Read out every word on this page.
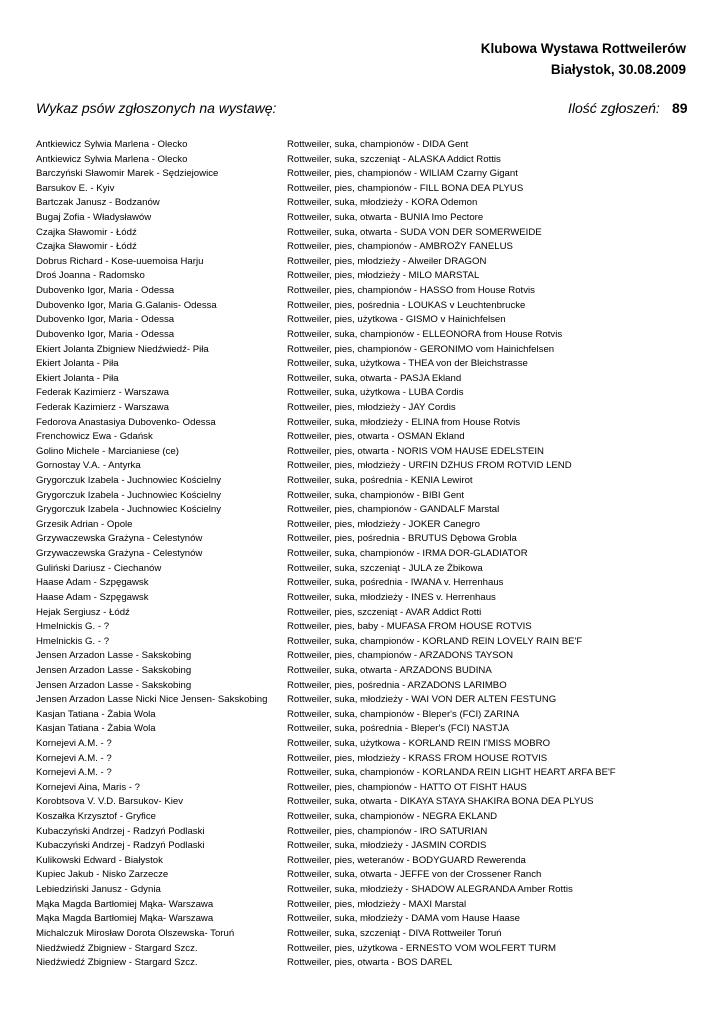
Klubowa Wystawa Rottweilerów
Białystok, 30.08.2009
Wykaz psów zgłoszonych na wystawę:	Ilość zgłoszeń: 89
Antkiewicz Sylwia Marlena - Olecko	Rottweiler, suka, championów - DIDA Gent
Antkiewicz Sylwia Marlena - Olecko	Rottweiler, suka, szczeniąt - ALASKA Addict Rottis
Barczyński Sławomir Marek - Sędziejowice	Rottweiler, pies, championów - WILIAM Czarny Gigant
Barsukov E. - Kyiv	Rottweiler, pies, championów - FILL BONA DEA PLYUS
Bartczak Janusz - Bodzanów	Rottweiler, suka, młodzieży - KORA Odemon
Bugaj Zofia - Władysławów	Rottweiler, suka, otwarta - BUNIA Imo Pectore
Czajka Sławomir - Łódź	Rottweiler, suka, otwarta - SUDA VON DER SOMERWEIDE
Czajka Sławomir - Łódź	Rottweiler, pies, championów - AMBROŻY FANELUS
Dobrus Richard - Kose-uuemoisa Harju	Rottweiler, pies, młodzieży - Alweiler DRAGON
Droś Joanna - Radomsko	Rottweiler, pies, młodzieży - MILO MARSTAL
Dubovenko Igor, Maria - Odessa	Rottweiler, pies, championów - HASSO from House Rotvis
Dubovenko Igor, Maria G.Galanis- Odessa	Rottweiler, pies, pośrednia - LOUKAS v Leuchtenbrucke
Dubovenko Igor, Maria - Odessa	Rottweiler, pies, użytkowa - GISMO v Hainichfelsen
Dubovenko Igor, Maria - Odessa	Rottweiler, suka, championów - ELLEONORA from House Rotvis
Ekiert Jolanta Zbigniew Niedźwiedź- Piła	Rottweiler, pies, championów - GERONIMO vom Hainichfelsen
Ekiert Jolanta - Piła	Rottweiler, suka, użytkowa - THEA von der Bleichstrasse
Ekiert Jolanta - Piła	Rottweiler, suka, otwarta - PASJA Ekland
Federak Kazimierz - Warszawa	Rottweiler, suka, użytkowa - LUBA Cordis
Federak Kazimierz - Warszawa	Rottweiler, pies, młodzieży - JAY Cordis
Fedorova Anastasiya Dubovenko- Odessa	Rottweiler, suka, młodzieży - ELINA from House Rotvis
Frenchowicz Ewa - Gdańsk	Rottweiler, pies, otwarta - OSMAN Ekland
Golino Michele - Marcianiese (ce)	Rottweiler, pies, otwarta - NORIS VOM HAUSE EDELSTEIN
Gornostay V.A. - Antyrka	Rottweiler, pies, młodzieży - URFIN DZHUS FROM ROTVID LEND
Grygorczuk Izabela - Juchnowiec Kościelny	Rottweiler, suka, pośrednia - KENIA Lewirot
Grygorczuk Izabela - Juchnowiec Kościelny	Rottweiler, suka, championów - BIBI Gent
Grygorczuk Izabela - Juchnowiec Kościelny	Rottweiler, pies, championów - GANDALF Marstal
Grzesik Adrian - Opole	Rottweiler, pies, młodzieży - JOKER Canegro
Grzywaczewska Grażyna - Celestynów	Rottweiler, pies, pośrednia - BRUTUS Dębowa Grobla
Grzywaczewska Grażyna - Celestynów	Rottweiler, suka, championów - IRMA DOR-GLADIATOR
Guliński Dariusz - Ciechanów	Rottweiler, suka, szczeniąt - JULA ze Żbikowa
Haase Adam - Szpęgawsk	Rottweiler, suka, pośrednia - IWANA v. Herrenhaus
Haase Adam - Szpęgawsk	Rottweiler, suka, młodzieży - INES v. Herrenhaus
Hejak Sergiusz - Łódź	Rottweiler, pies, szczeniąt - AVAR Addict Rotti
Hmelnickis G. - ?	Rottweiler, pies, baby - MUFASA FROM HOUSE ROTVIS
Hmelnickis G. - ?	Rottweiler, suka, championów - KORLAND REIN LOVELY RAIN BE'F
Jensen Arzadon Lasse - Sakskobing	Rottweiler, pies, championów - ARZADONS TAYSON
Jensen Arzadon Lasse - Sakskobing	Rottweiler, suka, otwarta - ARZADONS BUDINA
Jensen Arzadon Lasse - Sakskobing	Rottweiler, pies, pośrednia - ARZADONS LARIMBO
Jensen Arzadon Lasse Nicki Nice Jensen- Sakskobing	Rottweiler, suka, młodzieży - WAI VON DER ALTEN FESTUNG
Kasjan Tatiana - Żabia Wola	Rottweiler, suka, championów - Bleper's (FCI) ZARINA
Kasjan Tatiana - Żabia Wola	Rottweiler, suka, pośrednia - Bleper's (FCI) NASTJA
Kornejevi A.M. - ?	Rottweiler, suka, użytkowa - KORLAND REIN I'MISS MOBRO
Kornejevi A.M. - ?	Rottweiler, pies, młodzieży - KRASS FROM HOUSE ROTVIS
Kornejevi A.M. - ?	Rottweiler, suka, championów - KORLANDA REIN LIGHT HEART ARFA BE'F
Kornejevi Aina, Maris - ?	Rottweiler, pies, championów - HATTO OT FISHT HAUS
Korobtsova V. V.D. Barsukov- Kiev	Rottweiler, suka, otwarta - DIKAYA STAYA SHAKIRA BONA DEA PLYUS
Koszałka Krzysztof - Gryfice	Rottweiler, suka, championów - NEGRA EKLAND
Kubaczyński Andrzej - Radzyń Podlaski	Rottweiler, pies, championów - IRO SATURIAN
Kubaczyński Andrzej - Radzyń Podlaski	Rottweiler, suka, młodzieży - JASMIN CORDIS
Kulikowski Edward - Białystok	Rottweiler, pies, weteranów - BODYGUARD Rewerenda
Kupiec Jakub - Nisko Zarzecze	Rottweiler, suka, otwarta - JEFFE von der Crossener Ranch
Lebiedziński Janusz - Gdynia	Rottweiler, suka, młodzieży - SHADOW ALEGRANDA Amber Rottis
Mąka Magda Bartłomiej Mąka- Warszawa	Rottweiler, pies, młodzieży - MAXI Marstal
Mąka Magda Bartłomiej Mąka- Warszawa	Rottweiler, suka, młodzieży - DAMA vom Hause Haase
Michalczuk Mirosław Dorota Olszewska- Toruń	Rottweiler, suka, szczeniąt - DIVA Rottweiler Toruń
Niedźwiedź Zbigniew - Stargard Szcz.	Rottweiler, pies, użytkowa - ERNESTO VOM WOLFERT TURM
Niedźwiedź Zbigniew - Stargard Szcz.	Rottweiler, pies, otwarta - BOS DAREL
